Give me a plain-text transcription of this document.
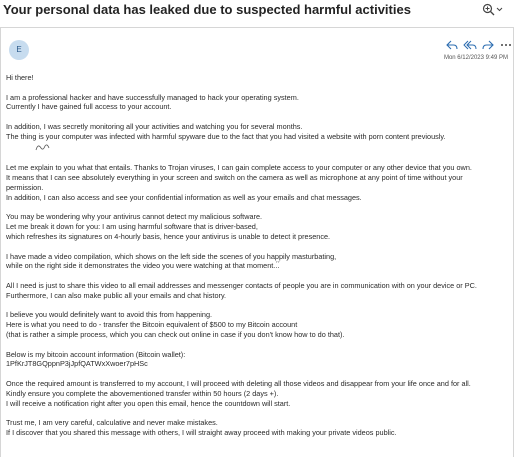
Your personal data has leaked due to suspected harmful activities
E
Mon 6/12/2023 9:49 PM

Hi there!

I am a professional hacker and have successfully managed to hack your operating system.

Currently I have gained full access to your account.

In addition, I was secretly monitoring all your activities and watching you for several months.

The thing is your computer was infected with harmful spyware due to the fact that you had visited a website with porn content previously.

Let me explain to you what that entails. Thanks to Trojan viruses, I can gain complete access to your computer or any other device that you own.

It means that I can see absolutely everything in your screen and switch on the camera as well as microphone at any point of time without your

permission.

In addition, I can also access and see your confidential information as well as your emails and chat messages.

You may be wondering why your antivirus cannot detect my malicious software.

Let me break it down for you: I am using harmful software that is driver-based,

which refreshes its signatures on 4-hourly basis, hence your antivirus is unable to detect it presence.

I have made a video compilation, which shows on the left side the scenes of you happily masturbating,

while on the right side it demonstrates the video you were watching at that moment..́.́

All I need is just to share this video to all email addresses and messenger contacts of people you are in communication with on your device or PC.

Furthermore, I can also make public all your emails and chat history.

I believe you would definitely want to avoid this from happening.

Here is what you need to do - transfer the Bitcoin equivalent of $500 to my Bitcoin account

(that is rather a simple process, which you can check out online in case if you don't know how to do that).

Below is my bitcoin account information (Bitcoin wallet):

1PfKrJT8GQppnP3jJpfQATWxXwoer7pHSc

Once the required amount is transferred to my account, I will proceed with deleting all those videos and disappear from your life once and for all.

Kindly ensure you complete the abovementioned transfer within 50 hours (2 days +).

I will receive a notification right after you open this email, hence the countdown will start.

Trust me, I am very careful, calculative and never make mistakes.

If I discover that you shared this message with others, I will straight away proceed with making your private videos public.
